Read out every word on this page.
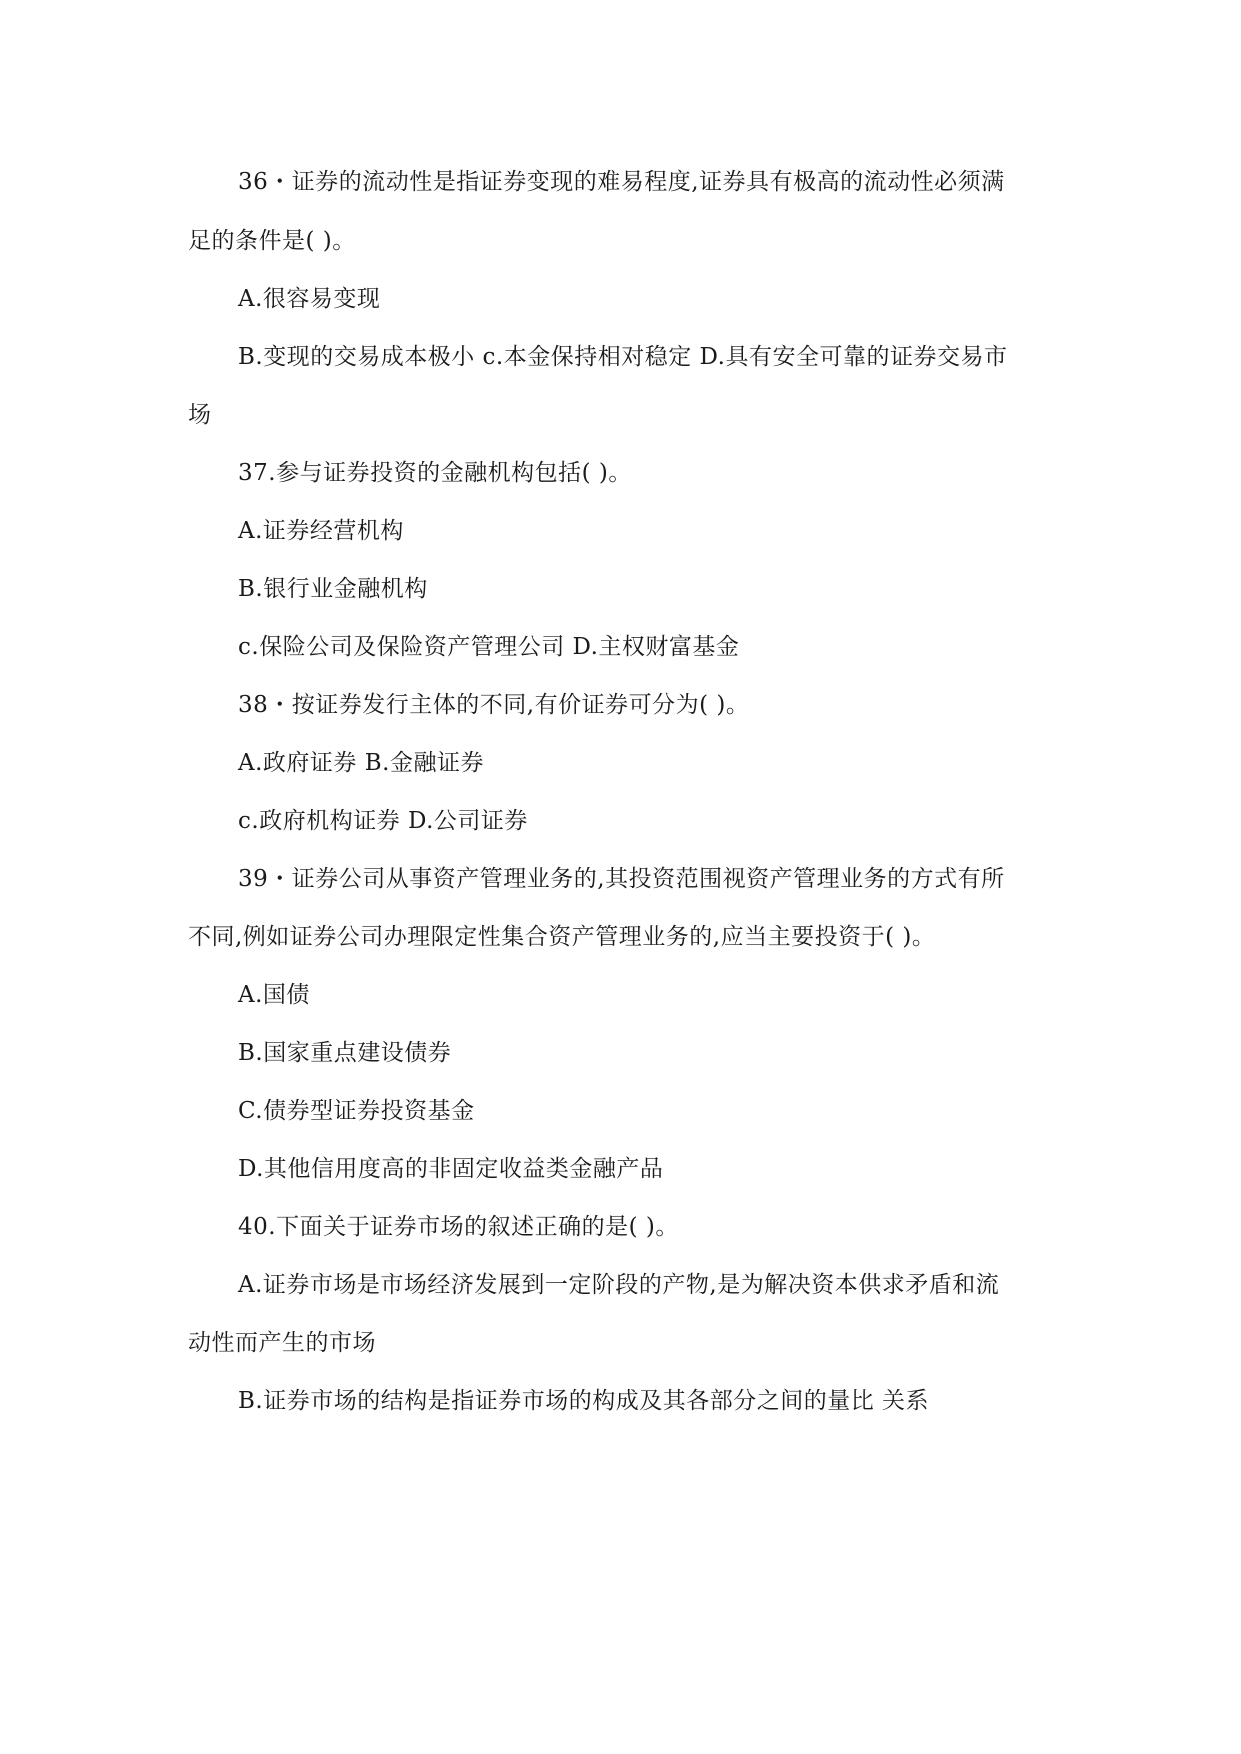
36・证券的流动性是指证券变现的难易程度,证券具有极高的流动性必须满
足的条件是( )。
A.很容易变现
B.变现的交易成本极小 c.本金保持相对稳定 D.具有安全可靠的证券交易市
场
37.参与证券投资的金融机构包括( )。
A.证券经营机构
B.银行业金融机构
c.保险公司及保险资产管理公司 D.主权财富基金
38・按证券发行主体的不同,有价证券可分为( )。
A.政府证券 B.金融证券
c.政府机构证券 D.公司证券
39・证券公司从事资产管理业务的,其投资范围视资产管理业务的方式有所
不同,例如证券公司办理限定性集合资产管理业务的,应当主要投资于( )。
A.国债
B.国家重点建设债券
C.债券型证券投资基金
D.其他信用度高的非固定收益类金融产品
40.下面关于证券市场的叙述正确的是( )。
A.证券市场是市场经济发展到一定阶段的产物,是为解决资本供求矛盾和流
动性而产生的市场
B.证券市场的结构是指证券市场的构成及其各部分之间的量比 关系
